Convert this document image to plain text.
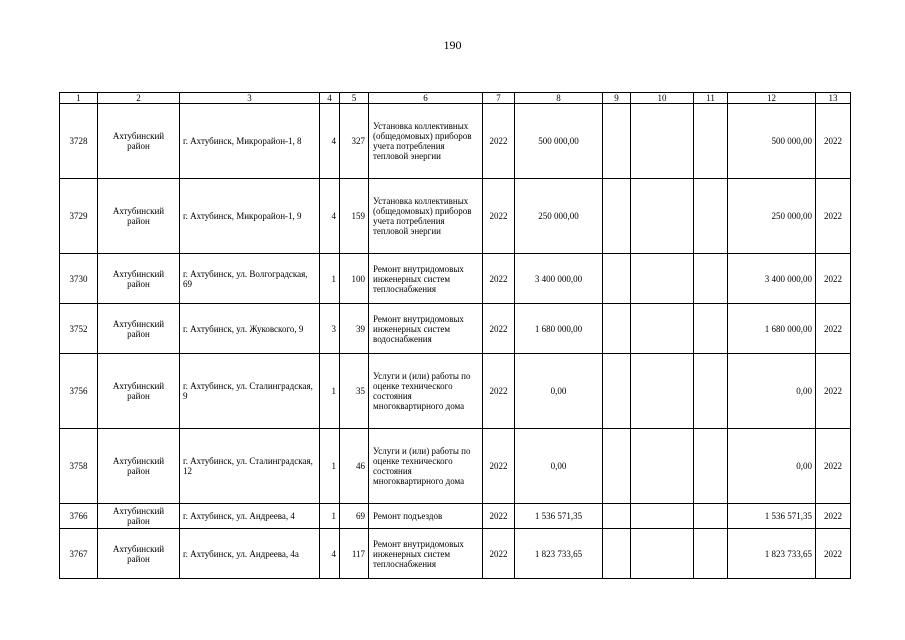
190
1	2	3	4	5	6	7	8	9	10	11	12	13
3728	Ахтубинский район	г. Ахтубинск, Микрорайон-1, 8	4	327	Установка коллективных (общедомовых) приборов учета потребления тепловой энергии	2022	500 000,00				500 000,00	2022
3729	Ахтубинский район	г. Ахтубинск, Микрорайон-1, 9	4	159	Установка коллективных (общедомовых) приборов учета потребления тепловой энергии	2022	250 000,00				250 000,00	2022
3730	Ахтубинский район	г. Ахтубинск, ул. Волгоградская, 69	1	100	Ремонт внутридомовых инженерных систем теплоснабжения	2022	3 400 000,00				3 400 000,00	2022
3752	Ахтубинский район	г. Ахтубинск, ул. Жуковского, 9	3	39	Ремонт внутридомовых инженерных систем водоснабжения	2022	1 680 000,00				1 680 000,00	2022
3756	Ахтубинский район	г. Ахтубинск, ул. Сталинградская, 9	1	35	Услуги и (или) работы по оценке технического состояния многоквартирного дома	2022	0,00				0,00	2022
3758	Ахтубинский район	г. Ахтубинск, ул. Сталинградская, 12	1	46	Услуги и (или) работы по оценке технического состояния многоквартирного дома	2022	0,00				0,00	2022
3766	Ахтубинский район	г. Ахтубинск, ул. Андреева, 4	1	69	Ремонт подъездов	2022	1 536 571,35				1 536 571,35	2022
3767	Ахтубинский район	г. Ахтубинск, ул. Андреева, 4а	4	117	Ремонт внутридомовых инженерных систем теплоснабжения	2022	1 823 733,65				1 823 733,65	2022
